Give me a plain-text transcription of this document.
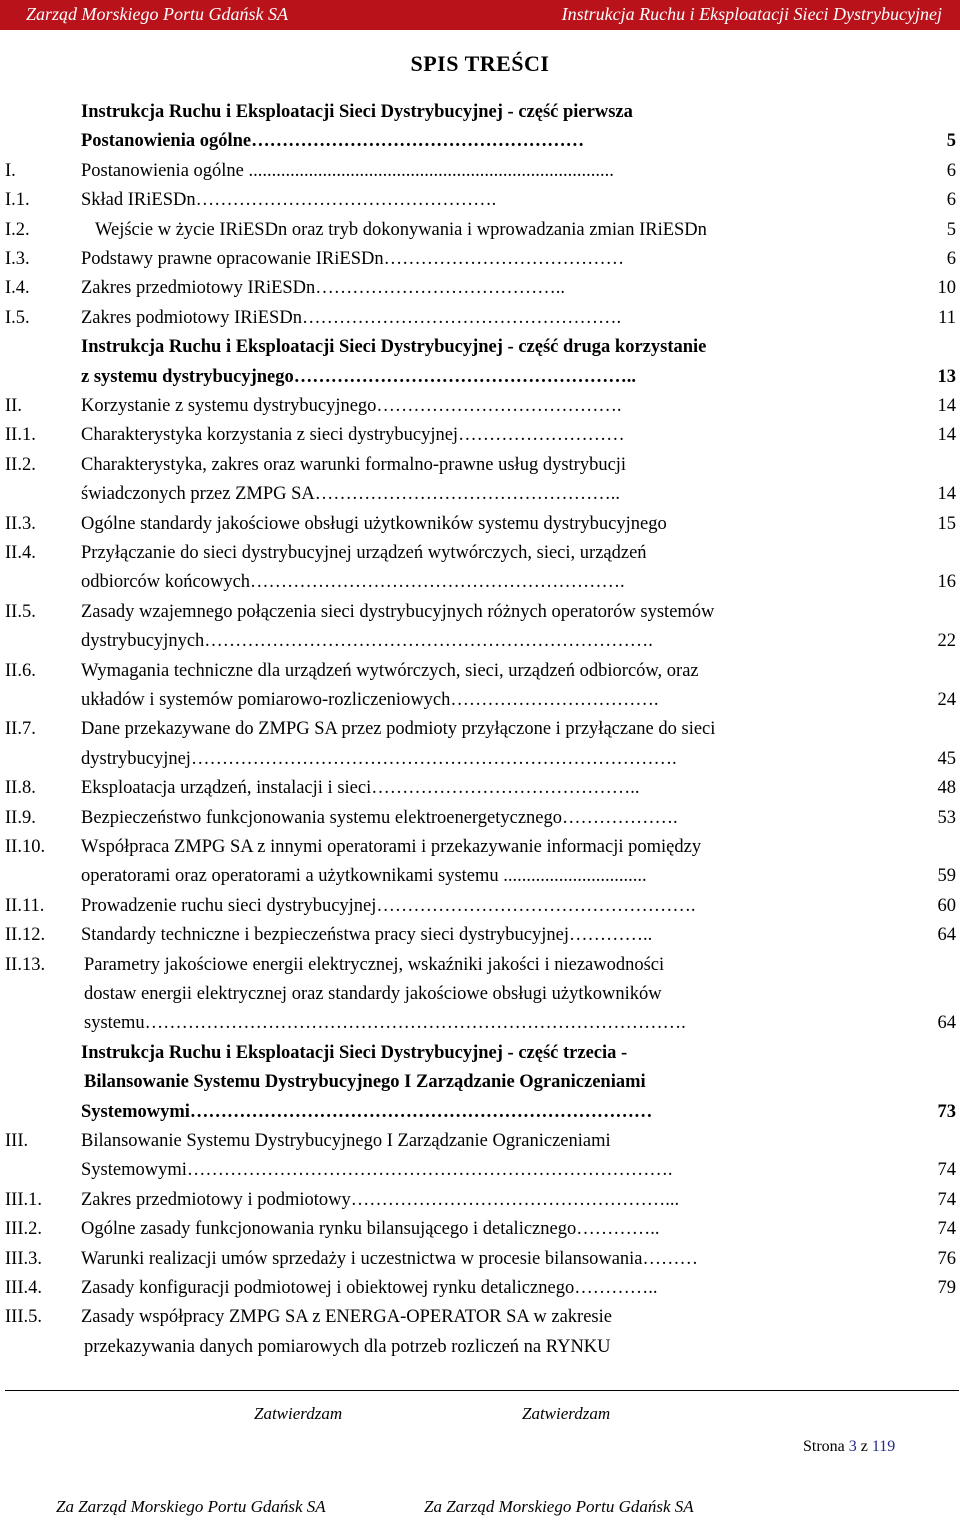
Zarząd Morskiego Portu Gdańsk SA	Instrukcja Ruchu i Eksploatacji Sieci Dystrybucyjnej
SPIS TREŚCI
Instrukcja Ruchu i Eksploatacji Sieci Dystrybucyjnej - część pierwsza
Postanowienia ogólne………………………………………………	5
I.	Postanowienia ogólne ...............................................................................	6
I.1.	Skład IRiESDn………………………………………….	6
I.2.	Wejście w życie IRiESDn oraz tryb dokonywania i wprowadzania zmian IRiESDn	5
I.3.	Podstawy prawne opracowanie IRiESDn…………………………………	6
I.4.	Zakres przedmiotowy IRiESDn…………………………………..	10
I.5.	Zakres podmiotowy IRiESDn…………………………………………….	11
Instrukcja Ruchu i Eksploatacji Sieci Dystrybucyjnej - część druga korzystanie
z systemu dystrybucyjnego………………………………………………..	13
II.	Korzystanie z systemu dystrybucyjnego………………………………….	14
II.1. Charakterystyka korzystania z sieci dystrybucyjnej………………………	14
II.2. Charakterystyka, zakres oraz warunki formalno-prawne usług dystrybucji
świadczonych przez ZMPG SA…………………………………………..	14
II.3. Ogólne standardy jakościowe obsługi użytkowników systemu dystrybucyjnego	15
II.4. Przyłączanie do sieci dystrybucyjnej urządzeń wytwórczych, sieci, urządzeń
odbiorców końcowych…………………………………………………….	16
II.5. Zasady wzajemnego połączenia sieci dystrybucyjnych różnych operatorów systemów
dystrybucyjnych……………………………………………………………….	22
II.6. Wymagania techniczne dla urządzeń wytwórczych, sieci, urządzeń odbiorców, oraz
układów i systemów pomiarowo-rozliczeniowych…………………………….	24
II.7. Dane przekazywane do ZMPG SA przez podmioty przyłączone i przyłączane do sieci
dystrybucyjnej…………………………………………………………………….	45
II.8. Eksploatacja urządzeń, instalacji i sieci……………………………………..	48
II.9. Bezpieczeństwo funkcjonowania systemu elektroenergetycznego……………….	53
II.10. Współpraca ZMPG SA z innymi operatorami i przekazywanie informacji pomiędzy
operatorami oraz operatorami a użytkownikami systemu ...............................	59
II.11. Prowadzenie ruchu sieci dystrybucyjnej…………………………………………….	60
II.12. Standardy techniczne i bezpieczeństwa pracy sieci dystrybucyjnej…………..	64
II.13. Parametry jakościowe energii elektrycznej, wskaźniki jakości i niezawodności
dostaw energii elektrycznej oraz standardy jakościowe obsługi użytkowników
systemu…………………………………………………………………………….	64
Instrukcja Ruchu i Eksploatacji Sieci Dystrybucyjnej - część trzecia -
Bilansowanie Systemu Dystrybucyjnego I Zarządzanie Ograniczeniami
Systemowymi…………………………………………………………………	73
III.	Bilansowanie Systemu Dystrybucyjnego I Zarządzanie Ograniczeniami
Systemowymi…………………………………………………………………….	74
III.1. Zakres przedmiotowy i podmiotowy……………………………………………...	74
III.2. Ogólne zasady funkcjonowania rynku bilansującego i detalicznego…………..	74
III.3. Warunki realizacji umów sprzedaży i uczestnictwa w procesie bilansowania………	76
III.4. Zasady konfiguracji podmiotowej i obiektowej rynku detalicznego…………..	79
III.5. Zasady współpracy ZMPG SA z ENERGA-OPERATOR SA w zakresie
przekazywania danych pomiarowych dla potrzeb rozliczeń na RYNKU
Zatwierdzam	Zatwierdzam
Za Zarząd Morskiego Portu Gdańsk SA	Za Zarząd Morskiego Portu Gdańsk SA
Strona 3 z 119
